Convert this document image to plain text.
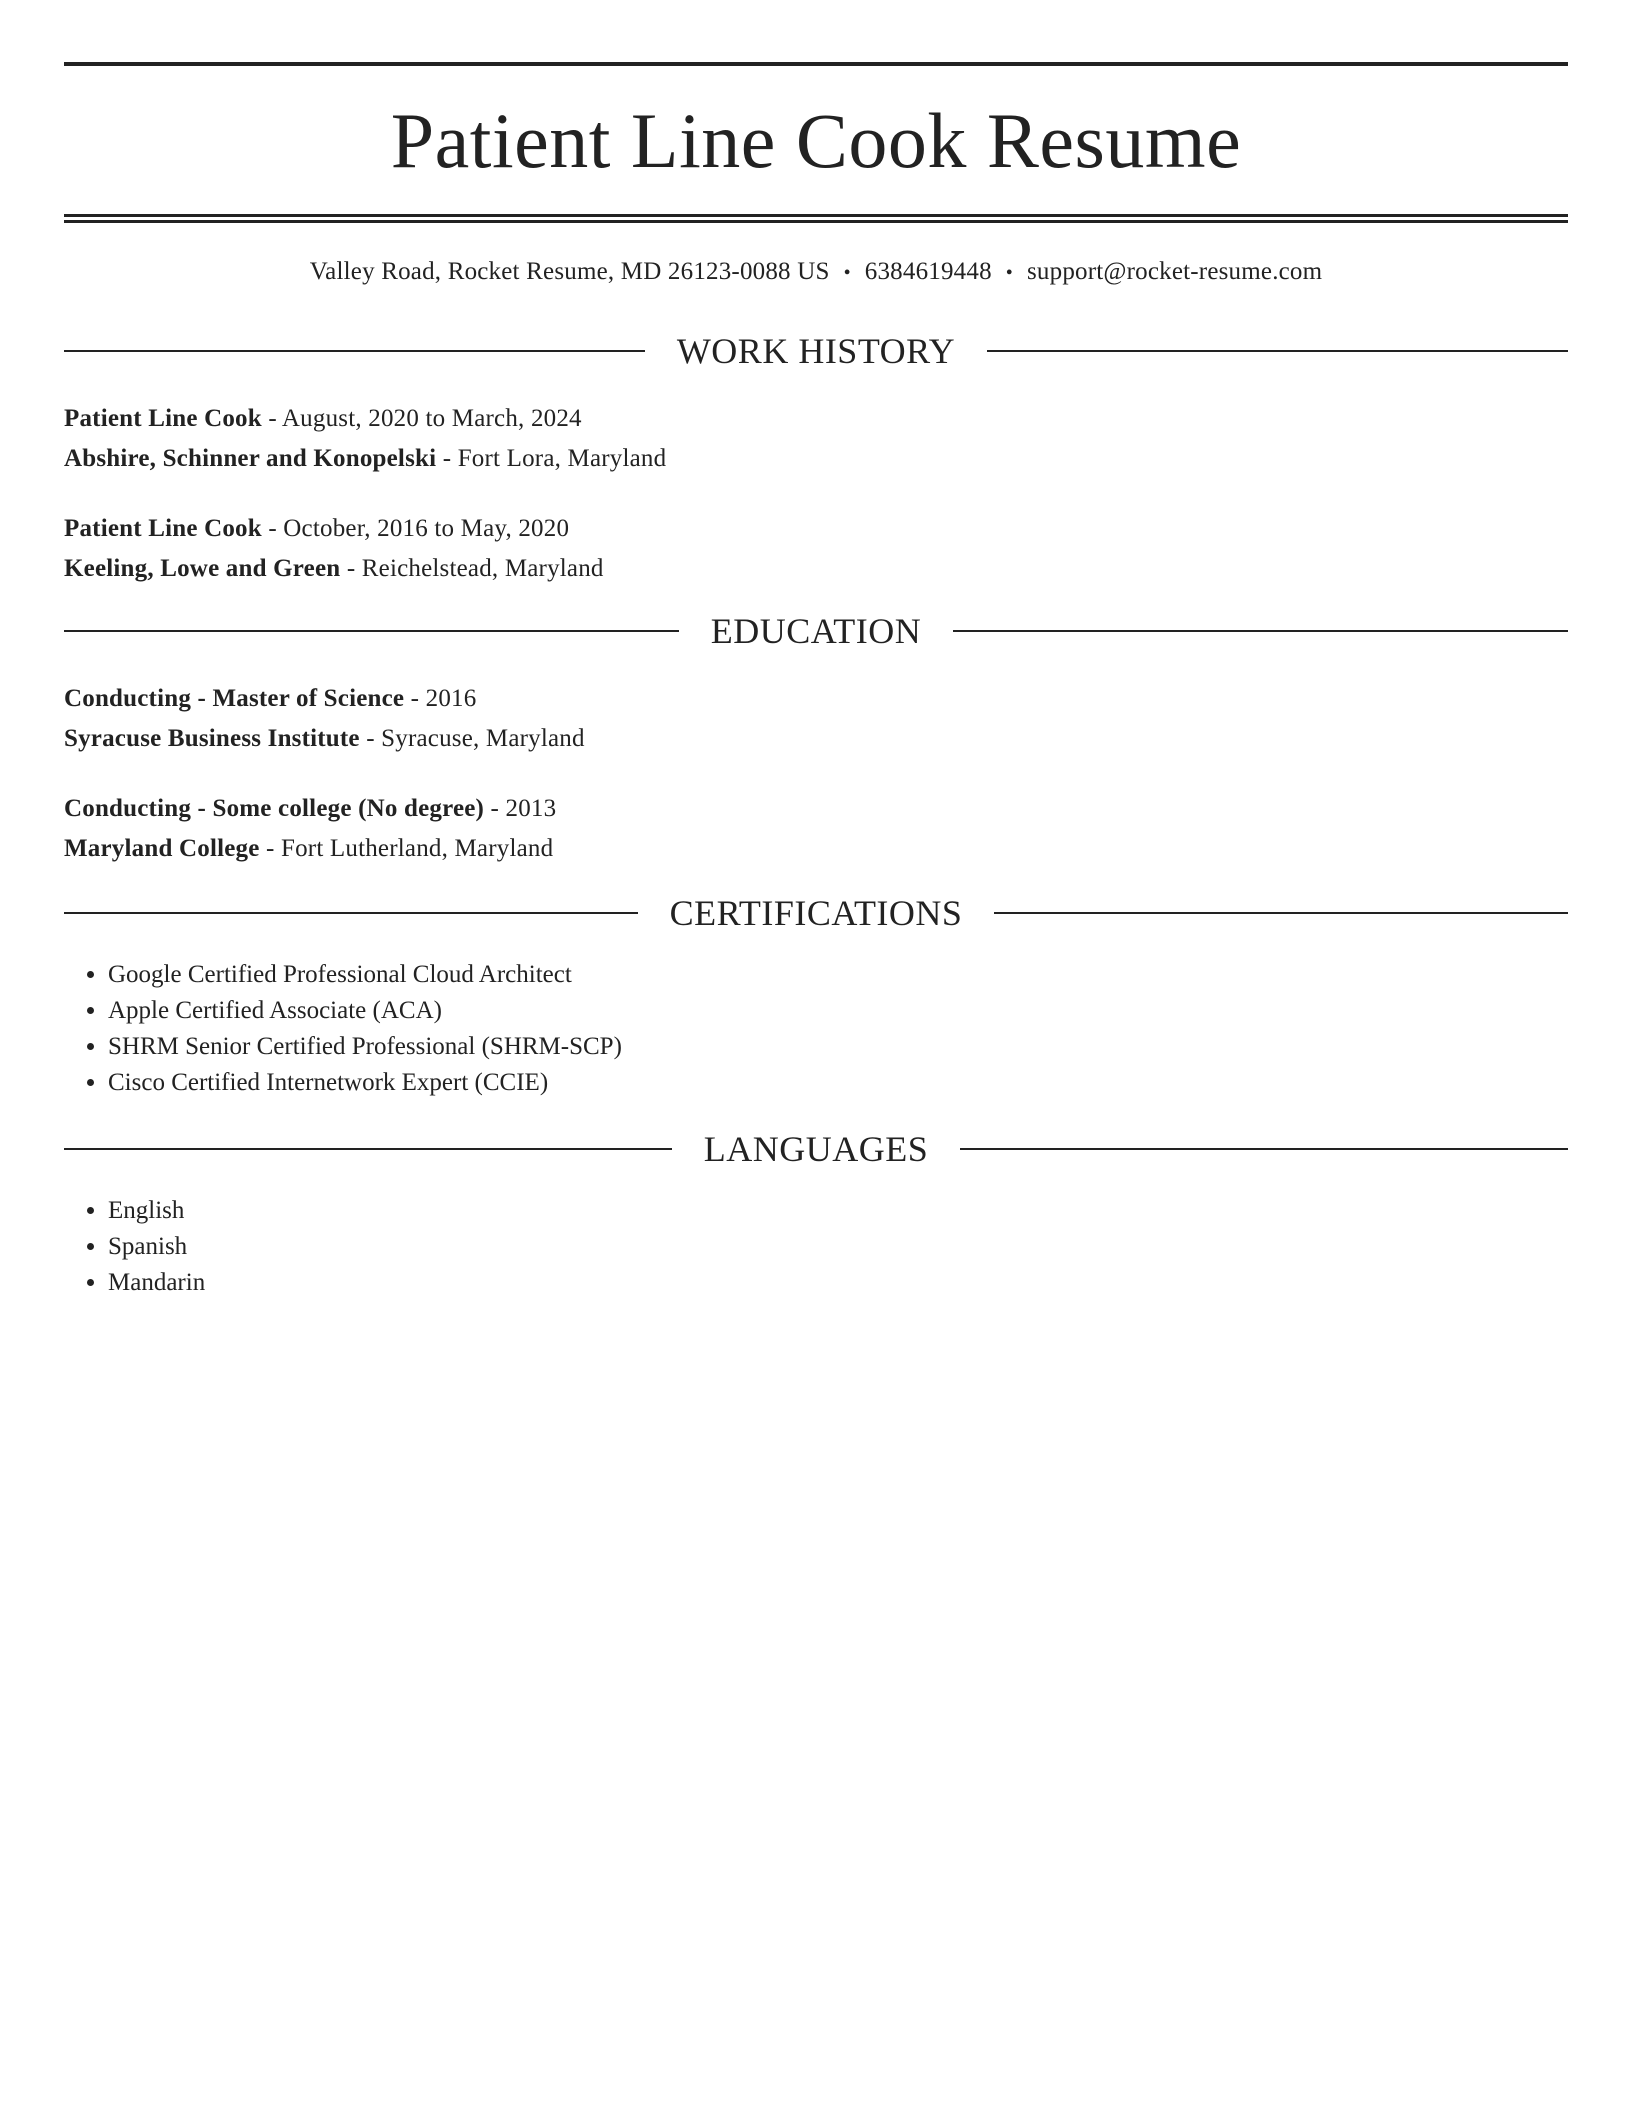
Patient Line Cook Resume
Valley Road, Rocket Resume, MD 26123-0088 US • 6384619448 • support@rocket-resume.com
WORK HISTORY
Patient Line Cook - August, 2020 to March, 2024
Abshire, Schinner and Konopelski - Fort Lora, Maryland
Patient Line Cook - October, 2016 to May, 2020
Keeling, Lowe and Green - Reichelstead, Maryland
EDUCATION
Conducting - Master of Science - 2016
Syracuse Business Institute - Syracuse, Maryland
Conducting - Some college (No degree) - 2013
Maryland College - Fort Lutherland, Maryland
CERTIFICATIONS
• Google Certified Professional Cloud Architect
• Apple Certified Associate (ACA)
• SHRM Senior Certified Professional (SHRM-SCP)
• Cisco Certified Internetwork Expert (CCIE)
LANGUAGES
• English
• Spanish
• Mandarin
